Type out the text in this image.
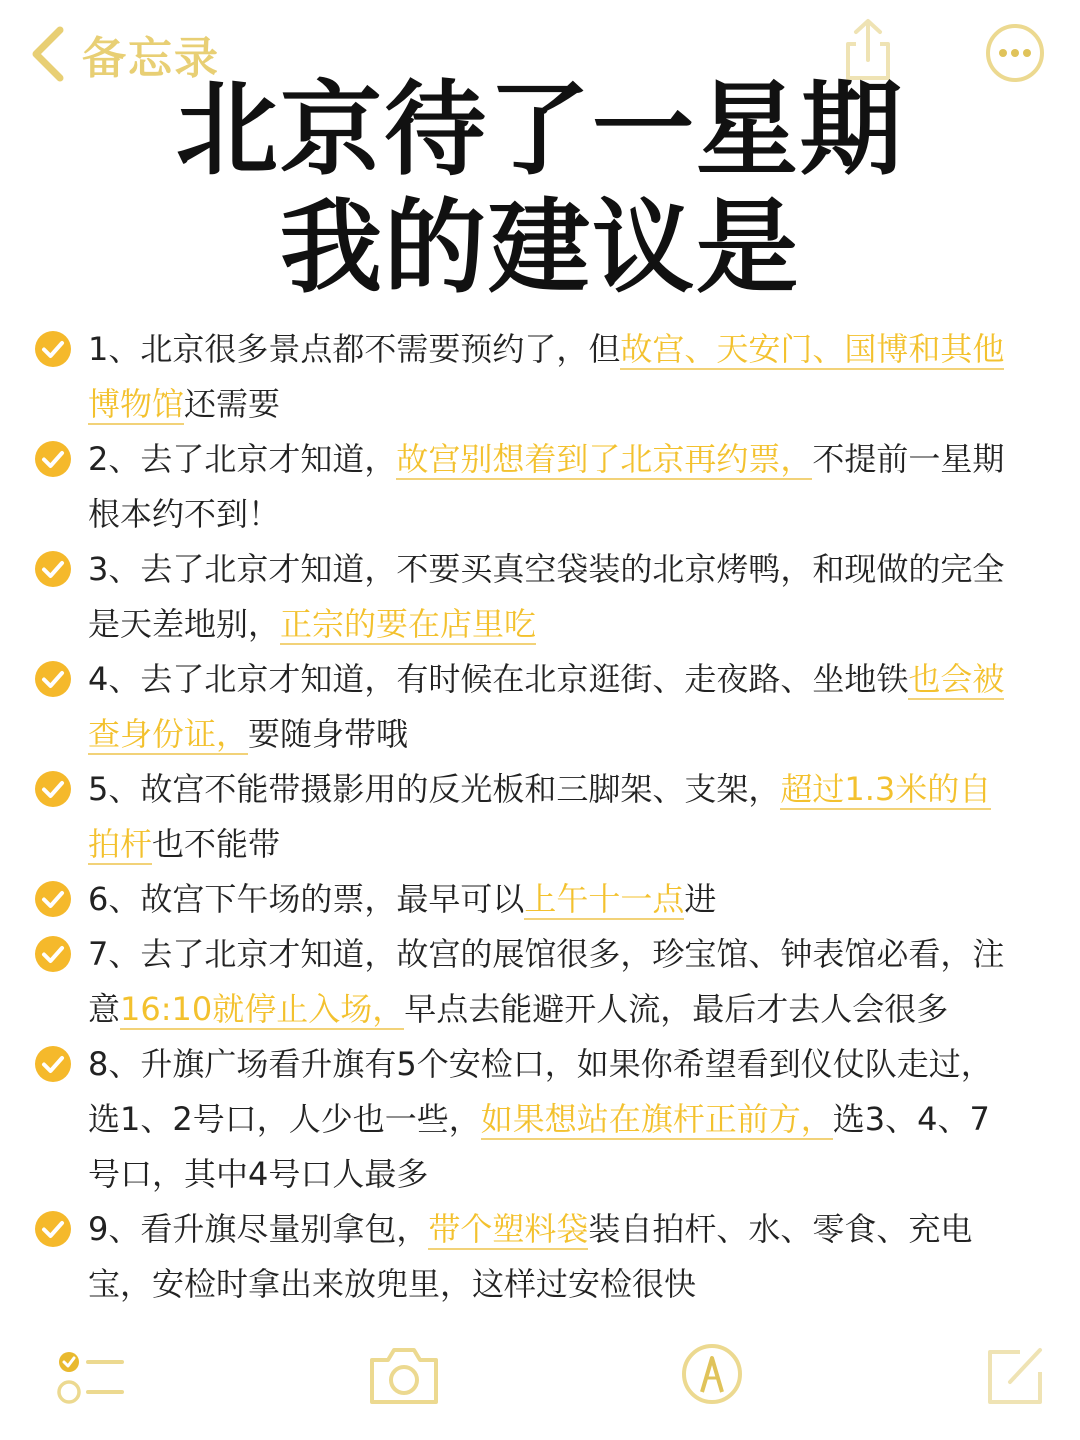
备忘录
北京待了一星期
我的建议是
1、北京很多景点都不需要预约了，但故宫、天安门、国博和其他博物馆还需要
2、去了北京才知道，故宫别想着到了北京再约票，不提前一星期根本约不到！
3、去了北京才知道，不要买真空袋装的北京烤鸭，和现做的完全是天差地别，正宗的要在店里吃
4、去了北京才知道，有时候在北京逛街、走夜路、坐地铁也会被查身份证，要随身带哦
5、故宫不能带摄影用的反光板和三脚架、支架，超过1.3米的自拍杆也不能带
6、故宫下午场的票，最早可以上午十一点进
7、去了北京才知道，故宫的展馆很多，珍宝馆、钟表馆必看，注意16:10就停止入场，早点去能避开人流，最后才去人会很多
8、升旗广场看升旗有5个安检口，如果你希望看到仪仗队走过，选1、2号口，人少也一些，如果想站在旗杆正前方，选3、4、7号口，其中4号口人最多
9、看升旗尽量别拿包，带个塑料袋装自拍杆、水、零食、充电宝，安检时拿出来放兜里，这样过安检很快
